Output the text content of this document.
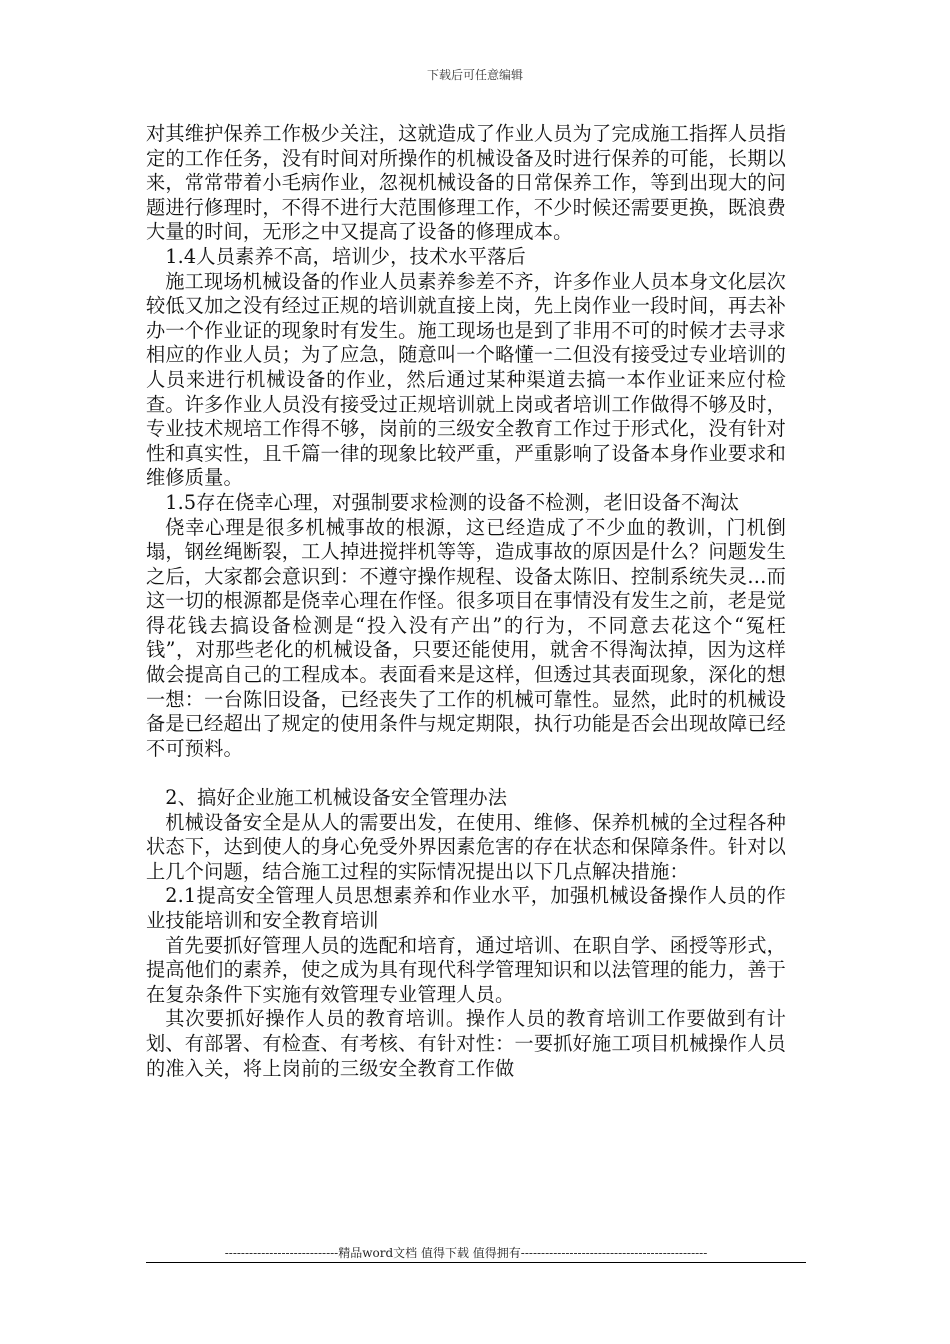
下载后可任意编辑

对其维护保养工作极少关注，这就造成了作业人员为了完成施工指挥人员指定的工作任务，没有时间对所操作的机械设备及时进行保养的可能，长期以来，常常带着小毛病作业，忽视机械设备的日常保养工作，等到出现大的问题进行修理时，不得不进行大范围修理工作，不少时候还需要更换，既浪费大量的时间，无形之中又提高了设备的修理成本。

1.4人员素养不高，培训少，技术水平落后

施工现场机械设备的作业人员素养参差不齐，许多作业人员本身文化层次较低又加之没有经过正规的培训就直接上岗，先上岗作业一段时间，再去补办一个作业证的现象时有发生。施工现场也是到了非用不可的时候才去寻求相应的作业人员；为了应急，随意叫一个略懂一二但没有接受过专业培训的人员来进行机械设备的作业，然后通过某种渠道去搞一本作业证来应付检查。许多作业人员没有接受过正规培训就上岗或者培训工作做得不够及时，专业技术规培工作得不够，岗前的三级安全教育工作过于形式化，没有针对性和真实性，且千篇一律的现象比较严重，严重影响了设备本身作业要求和维修质量。

1.5存在侥幸心理，对强制要求检测的设备不检测，老旧设备不淘汰

侥幸心理是很多机械事故的根源，这已经造成了不少血的教训，门机倒塌，钢丝绳断裂，工人掉进搅拌机等等，造成事故的原因是什么？问题发生之后，大家都会意识到：不遵守操作规程、设备太陈旧、控制系统失灵…而这一切的根源都是侥幸心理在作怪。很多项目在事情没有发生之前，老是觉得花钱去搞设备检测是“投入没有产出”的行为，不同意去花这个“冤枉钱”，对那些老化的机械设备，只要还能使用，就舍不得淘汰掉，因为这样做会提高自己的工程成本。表面看来是这样，但透过其表面现象，深化的想一想：一台陈旧设备，已经丧失了工作的机械可靠性。显然，此时的机械设备是已经超出了规定的使用条件与规定期限，执行功能是否会出现故障已经不可预料。

2、搞好企业施工机械设备安全管理办法

机械设备安全是从人的需要出发，在使用、维修、保养机械的全过程各种状态下，达到使人的身心免受外界因素危害的存在状态和保障条件。针对以上几个问题，结合施工过程的实际情况提出以下几点解决措施：

2.1提高安全管理人员思想素养和作业水平，加强机械设备操作人员的作业技能培训和安全教育培训

首先要抓好管理人员的选配和培育，通过培训、在职自学、函授等形式，提高他们的素养，使之成为具有现代科学管理知识和以法管理的能力，善于在复杂条件下实施有效管理专业管理人员。

其次要抓好操作人员的教育培训。操作人员的教育培训工作要做到有计划、有部署、有检查、有考核、有针对性：一要抓好施工项目机械操作人员的准入关，将上岗前的三级安全教育工作做

----------------------------精品word文档 值得下载 值得拥有----------------------------------------------
